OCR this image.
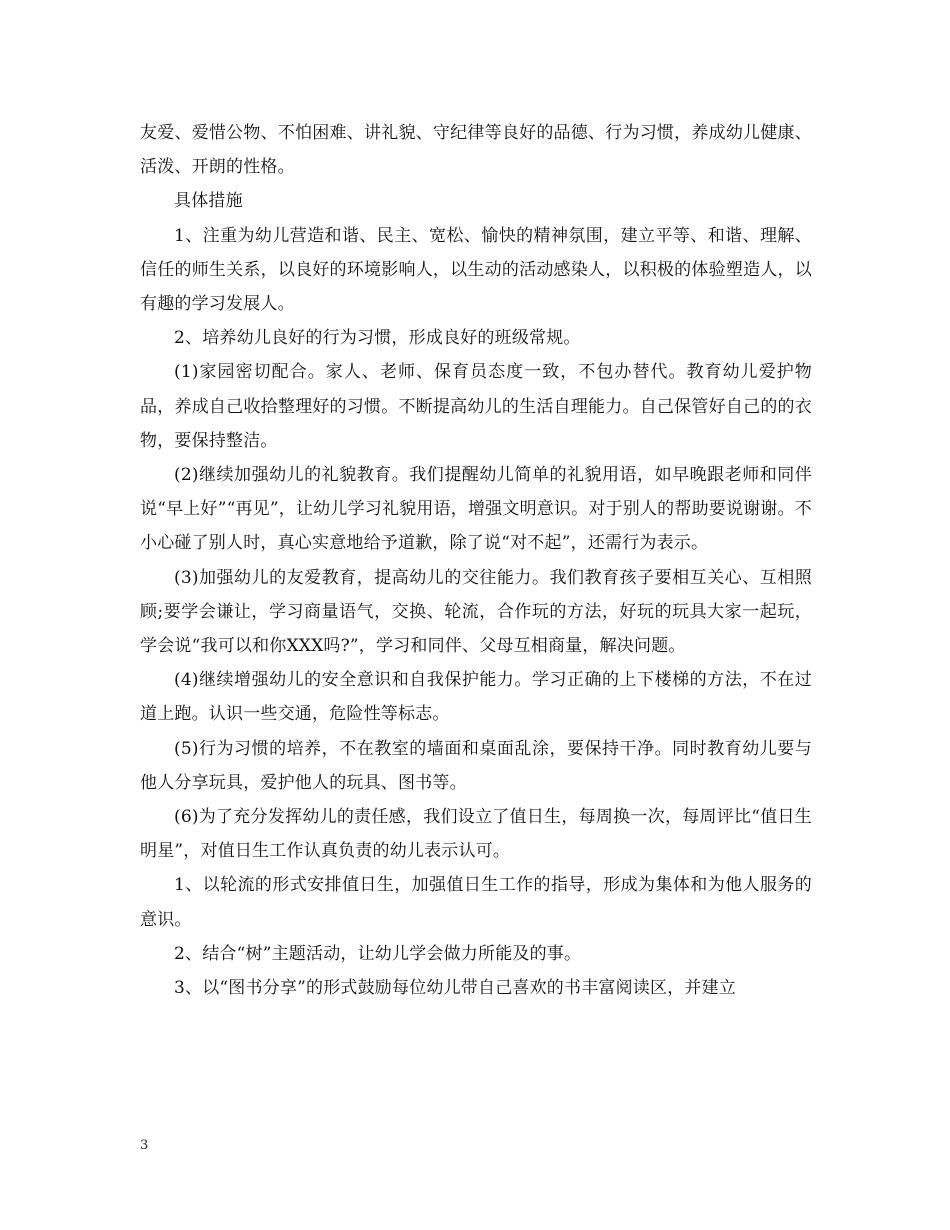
友爱、爱惜公物、不怕困难、讲礼貌、守纪律等良好的品德、行为习惯，养成幼儿健康、活泼、开朗的性格。

具体措施

1、注重为幼儿营造和谐、民主、宽松、愉快的精神氛围，建立平等、和谐、理解、信任的师生关系，以良好的环境影响人，以生动的活动感染人，以积极的体验塑造人，以有趣的学习发展人。

2、培养幼儿良好的行为习惯，形成良好的班级常规。

(1)家园密切配合。家人、老师、保育员态度一致，不包办替代。教育幼儿爱护物品，养成自己收拾整理好的习惯。不断提高幼儿的生活自理能力。自己保管好自己的的衣物，要保持整洁。

(2)继续加强幼儿的礼貌教育。我们提醒幼儿简单的礼貌用语，如早晚跟老师和同伴说“早上好”“再见”，让幼儿学习礼貌用语，增强文明意识。对于别人的帮助要说谢谢。不小心碰了别人时，真心实意地给予道歉，除了说“对不起”，还需行为表示。

(3)加强幼儿的友爱教育，提高幼儿的交往能力。我们教育孩子要相互关心、互相照顾;要学会谦让，学习商量语气，交换、轮流，合作玩的方法，好玩的玩具大家一起玩，学会说“我可以和你XXX吗?”，学习和同伴、父母互相商量，解决问题。

(4)继续增强幼儿的安全意识和自我保护能力。学习正确的上下楼梯的方法，不在过道上跑。认识一些交通，危险性等标志。

(5)行为习惯的培养，不在教室的墙面和桌面乱涂，要保持干净。同时教育幼儿要与他人分享玩具，爱护他人的玩具、图书等。

(6)为了充分发挥幼儿的责任感，我们设立了值日生，每周换一次，每周评比“值日生明星”，对值日生工作认真负责的幼儿表示认可。

1、以轮流的形式安排值日生，加强值日生工作的指导，形成为集体和为他人服务的意识。

2、结合“树”主题活动，让幼儿学会做力所能及的事。

3、以“图书分享”的形式鼓励每位幼儿带自己喜欢的书丰富阅读区，并建立

3
